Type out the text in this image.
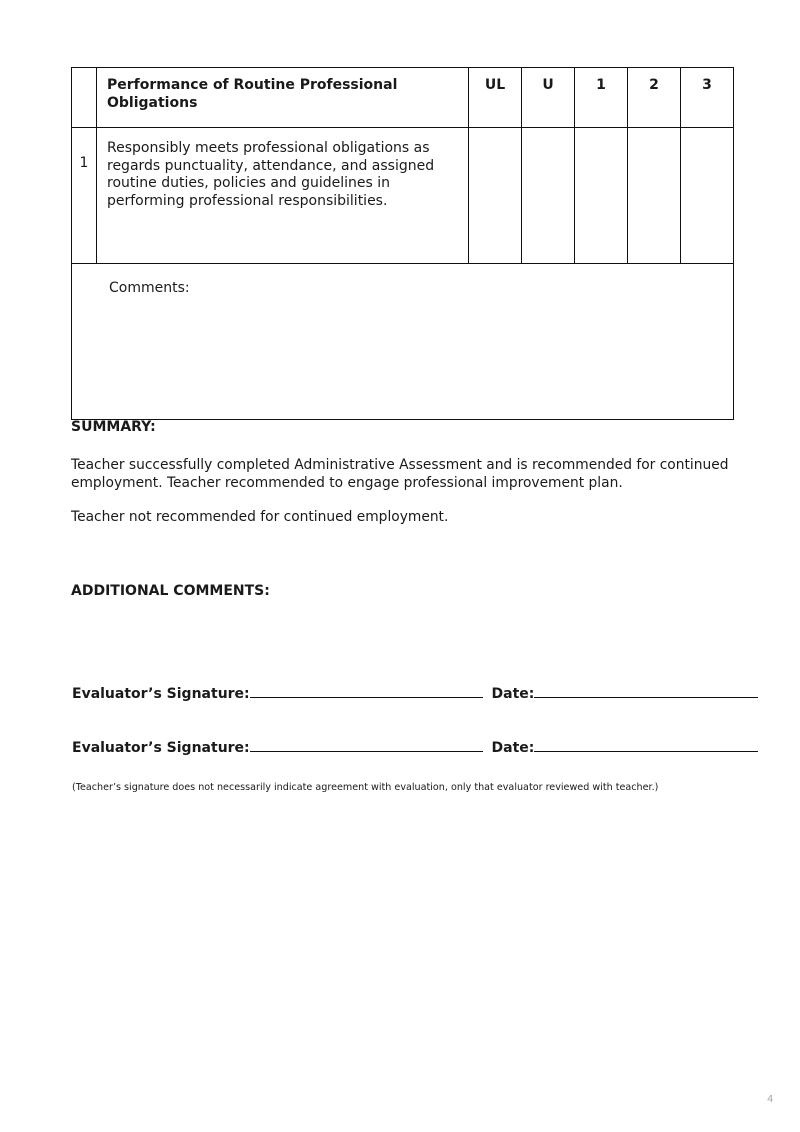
	Performance of Routine Professional Obligations	UL	U	1	2	3
1	Responsibly meets professional obligations as regards punctuality, attendance, and assigned routine duties, policies and guidelines in performing professional responsibilities.					
Comments:						
SUMMARY:
Teacher successfully completed Administrative Assessment and is recommended for continued employment. Teacher recommended to engage professional improvement plan.
Teacher not recommended for continued employment.
ADDITIONAL COMMENTS:
Evaluator’s Signature:	Date:
Evaluator’s Signature:	Date:
(Teacher’s signature does not necessarily indicate agreement with evaluation, only that evaluator reviewed with teacher.)
4
